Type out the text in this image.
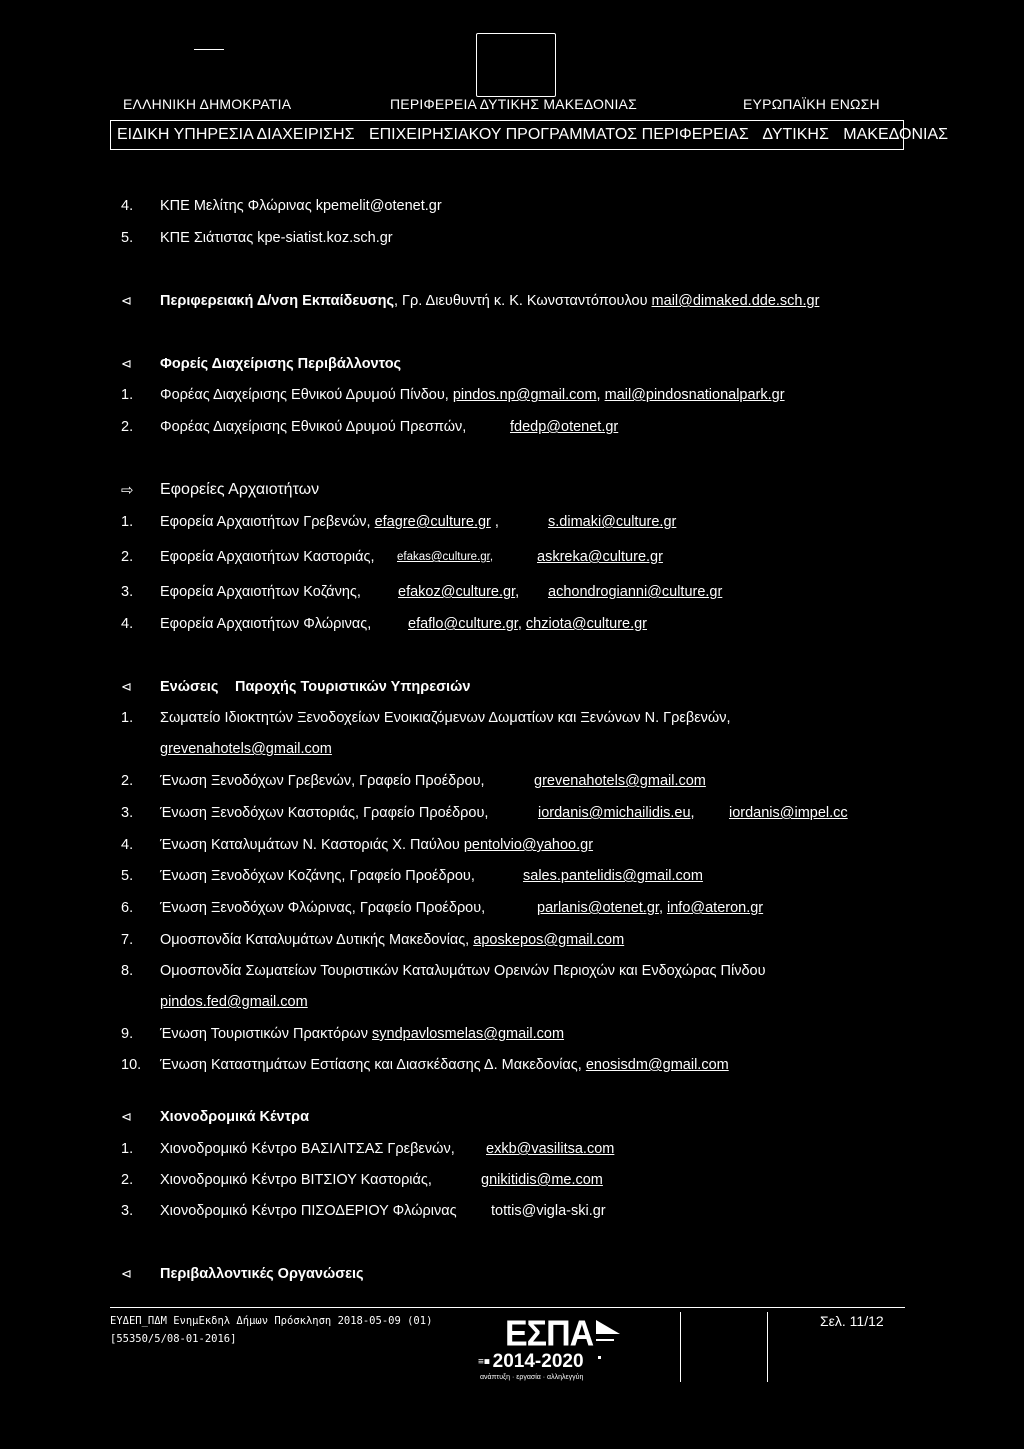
ΕΛΛΗΝΙΚΗ ΔΗΜΟΚΡΑΤΙΑ	ΠΕΡΙΦΕΡΕΙΑ ΔΥΤΙΚΗΣ ΜΑΚΕΔΟΝΙΑΣ	ΕΥΡΩΠΑΪΚΗ ΕΝΩΣΗ
ΕΙΔΙΚΗ ΥΠΗΡΕΣΙΑ ΔΙΑΧΕΙΡΙΣΗΣ ΕΠΙΧΕΙΡΗΣΙΑΚΟΥ ΠΡΟΓΡΑΜΜΑΤΟΣ ΠΕΡΙΦΕΡΕΙΑΣ ΔΥΤΙΚΗΣ ΜΑΚΕΔΟΝΙΑΣ
4. ΚΠΕ Μελίτης Φλώρινας kpemelit@otenet.gr
5. ΚΠΕ Σιάτιστας kpe-siatist.koz.sch.gr
⊲ Περιφερειακή Δ/νση Εκπαίδευσης, Γρ. Διευθυντή κ. Κ. Κωνσταντόπουλου mail@dimaked.dde.sch.gr
⊲ Φορείς Διαχείρισης Περιβάλλοντος
1. Φορέας Διαχείρισης Εθνικού Δρυμού Πίνδου, pindos.np@gmail.com, mail@pindosnationalpark.gr
2. Φορέας Διαχείρισης Εθνικού Δρυμού Πρεσπών,	fdedp@otenet.gr
⇨ Εφορείες Αρχαιοτήτων
1. Εφορεία Αρχαιοτήτων Γρεβενών, efagre@culture.gr ,	s.dimaki@culture.gr
2. Εφορεία Αρχαιοτήτων Καστοριάς, efakas@culture.gr,	askreka@culture.gr
3. Εφορεία Αρχαιοτήτων Κοζάνης,	efakoz@culture.gr, achondrogianni@culture.gr
4. Εφορεία Αρχαιοτήτων Φλώρινας,	efaflo@culture.gr, chziota@culture.gr
⊲ Ενώσεις Παροχής Τουριστικών Υπηρεσιών
1. Σωματείο Ιδιοκτητών Ξενοδοχείων Ενοικιαζόμενων Δωματίων και Ξενώνων Ν. Γρεβενών,
grevenahotels@gmail.com
2. Ένωση Ξενοδόχων Γρεβενών, Γραφείο Προέδρου,	grevenahotels@gmail.com
3. Ένωση Ξενοδόχων Καστοριάς, Γραφείο Προέδρου,	iordanis@michailidis.eu, iordanis@impel.cc
4. Ένωση Καταλυμάτων Ν. Καστοριάς Χ. Παύλου pentolvio@yahoo.gr
5. Ένωση Ξενοδόχων Κοζάνης, Γραφείο Προέδρου,	sales.pantelidis@gmail.com
6. Ένωση Ξενοδόχων Φλώρινας, Γραφείο Προέδρου,	parlanis@otenet.gr, info@ateron.gr
7. Ομοσπονδία Καταλυμάτων Δυτικής Μακεδονίας, aposkepos@gmail.com
8. Ομοσπονδία Σωματείων Τουριστικών Καταλυμάτων Ορεινών Περιοχών και Ενδοχώρας Πίνδου
pindos.fed@gmail.com
9. Ένωση Τουριστικών Πρακτόρων syndpavlosmelas@gmail.com
10. Ένωση Καταστημάτων Εστίασης και Διασκέδασης Δ. Μακεδονίας, enosisdm@gmail.com
⊲ Χιονοδρομικά Κέντρα
1. Χιονοδρομικό Κέντρο ΒΑΣΙΛΙΤΣΑΣ Γρεβενών, exkb@vasilitsa.com
2. Χιονοδρομικό Κέντρο ΒΙΤΣΙΟΥ Καστοριάς,	gnikitidis@me.com
3. Χιονοδρομικό Κέντρο ΠΙΣΟΔΕΡΙΟΥ Φλώρινας tottis@vigla-ski.gr
⊲ Περιβαλλοντικές Οργανώσεις
ΕΥΔΕΠ_ΠΔΜ ΕνημΕκδηλ Δήμων Πρόσκληση 2018-05-09 (01)
[55350/5/08-01-2016]	ΕΣΠΑ
≡■ 2014-2020
ανάπτυξη · εργασία · αλληλεγγύη
Σελ. 11/12
